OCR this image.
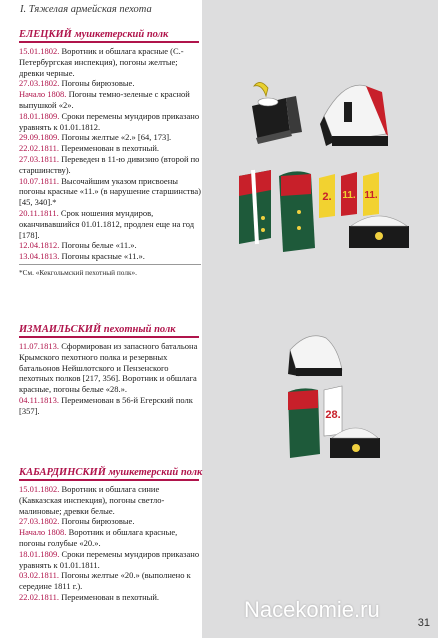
I. Тяжелая армейская пехота
ЕЛЕЦКИЙ мушкетерский полк
15.01.1802. Воротник и обшлага красные (С.-Петербургская инспекция), погоны желтые; древки черные.
27.03.1802. Погоны бирюзовые.
Начало 1808. Погоны темно-зеленые с красной выпушкой «2».
18.01.1809. Сроки перемены мундиров приказано уравнять к 01.01.1812.
29.09.1809. Погоны желтые «2.» [64, 173].
22.02.1811. Переименован в пехотный.
27.03.1811. Переведен в 11-ю дивизию (второй по старшинству).
10.07.1811. Высочайшим указом присвоены погоны красные «11.» (в нарушение старшинства) [45, 340].*
20.11.1811. Срок ношения мундиров, оканчивавшийся 01.01.1812, продлен еще на год [178].
12.04.1812. Погоны белые «11.».
13.04.1813. Погоны красные «11.».
*См. «Кекгольмский пехотный полк».
ИЗМАИЛЬСКИЙ пехотный полк
11.07.1813. Сформирован из запасного батальона Крымского пехотного полка и резервных батальонов Нейшлотского и Пензенского пехотных полков [217, 356]. Воротник и обшлага красные, погоны белые «28.».
04.11.1813. Переименован в 56-й Егерский полк [357].
КАБАРДИНСКИЙ мушкетерский полк
15.01.1802. Воротник и обшлага синие (Кавказская инспекция), погоны светло-малиновые; древки белые.
27.03.1802. Погоны бирюзовые.
Начало 1808. Воротник и обшлага красные, погоны голубые «20.».
18.01.1809. Сроки перемены мундиров приказано уравнять к 01.01.1811.
03.02.1811. Погоны желтые «20.» (выполнено к середине 1811 г.).
22.02.1811. Переименован в пехотный.
2. 11. 11.
28.
Nacekomie.ru
31
